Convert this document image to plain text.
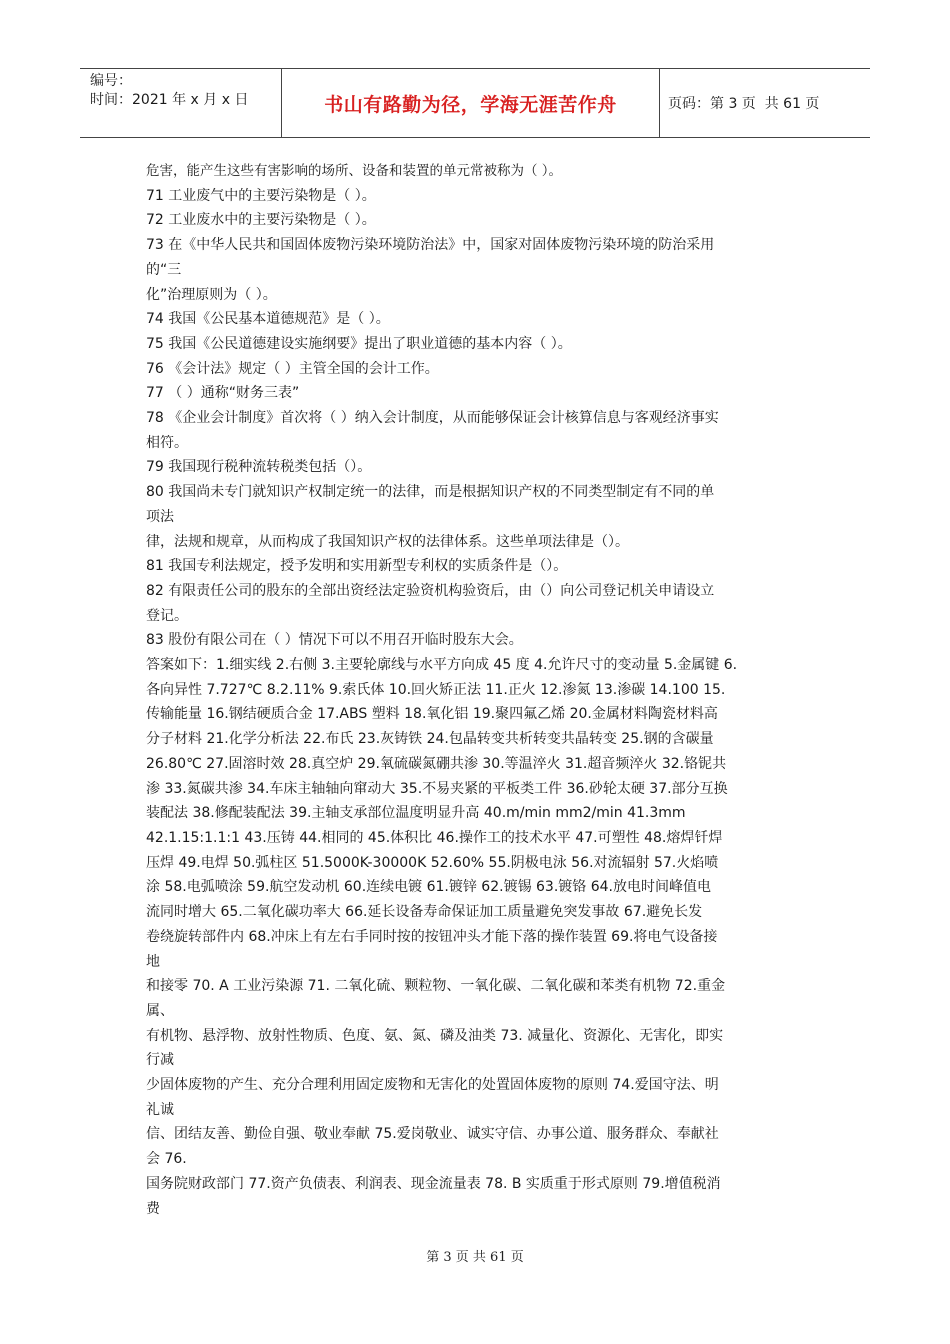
编号：
时间：2021 年 x 月 x 日	书山有路勤为径，学海无涯苦作舟	页码：第 3 页  共 61 页
危害，能产生这些有害影响的场所、设备和装置的单元常被称为（ ）。
71 工业废气中的主要污染物是（ ）。
72 工业废水中的主要污染物是（ ）。
73 在《中华人民共和国固体废物污染环境防治法》中，国家对固体废物污染环境的防治采用
的“三
化”治理原则为（ ）。
74 我国《公民基本道德规范》是（ ）。
75 我国《公民道德建设实施纲要》提出了职业道德的基本内容（ ）。
76 《会计法》规定（ ）主管全国的会计工作。
77 （ ）通称“财务三表”
78 《企业会计制度》首次将（ ）纳入会计制度，从而能够保证会计核算信息与客观经济事实
相符。
79 我国现行税种流转税类包括（）。
80 我国尚未专门就知识产权制定统一的法律，而是根据知识产权的不同类型制定有不同的单
项法
律，法规和规章，从而构成了我国知识产权的法律体系。这些单项法律是（）。
81 我国专利法规定，授予发明和实用新型专利权的实质条件是（）。
82 有限责任公司的股东的全部出资经法定验资机构验资后，由（）向公司登记机关申请设立
登记。
83 股份有限公司在（ ）情况下可以不用召开临时股东大会。
答案如下：1.细实线 2.右侧 3.主要轮廓线与水平方向成 45 度 4.允许尺寸的变动量 5.金属键 6.
各向异性 7.727℃ 8.2.11% 9.索氏体 10.回火矫正法 11.正火 12.渗氮 13.渗碳 14.100 15.
传输能量 16.钢结硬质合金 17.ABS 塑料 18.氧化铝 19.聚四氟乙烯 20.金属材料陶瓷材料高
分子材料 21.化学分析法 22.布氏 23.灰铸铁 24.包晶转变共析转变共晶转变 25.钢的含碳量
26.80℃ 27.固溶时效 28.真空炉 29.氧硫碳氮硼共渗 30.等温淬火 31.超音频淬火 32.铬铌共
渗 33.氮碳共渗 34.车床主轴轴向窜动大 35.不易夹紧的平板类工件 36.砂轮太硬 37.部分互换
装配法 38.修配装配法 39.主轴支承部位温度明显升高 40.m/min mm2/min 41.3mm
42.1.15:1.1:1 43.压铸 44.相同的 45.体积比 46.操作工的技术水平 47.可塑性 48.熔焊钎焊
压焊 49.电焊 50.弧柱区 51.5000K-30000K 52.60% 55.阴极电泳 56.对流辐射 57.火焰喷
涂 58.电弧喷涂 59.航空发动机 60.连续电镀 61.镀锌 62.镀锡 63.镀铬 64.放电时间峰值电
流同时增大 65.二氧化碳功率大 66.延长设备寿命保证加工质量避免突发事故 67.避免长发
卷绕旋转部件内 68.冲床上有左右手同时按的按钮冲头才能下落的操作装置 69.将电气设备接
地
和接零 70. A 工业污染源 71. 二氧化硫、颗粒物、一氧化碳、二氧化碳和苯类有机物 72.重金
属、
有机物、悬浮物、放射性物质、色度、氨、氮、磷及油类 73. 减量化、资源化、无害化，即实
行减
少固体废物的产生、充分合理利用固定废物和无害化的处置固体废物的原则 74.爱国守法、明
礼诚
信、团结友善、勤俭自强、敬业奉献 75.爱岗敬业、诚实守信、办事公道、服务群众、奉献社
会 76.
国务院财政部门 77.资产负债表、利润表、现金流量表 78. B 实质重于形式原则 79.增值税消
费
第 3 页 共 61 页
